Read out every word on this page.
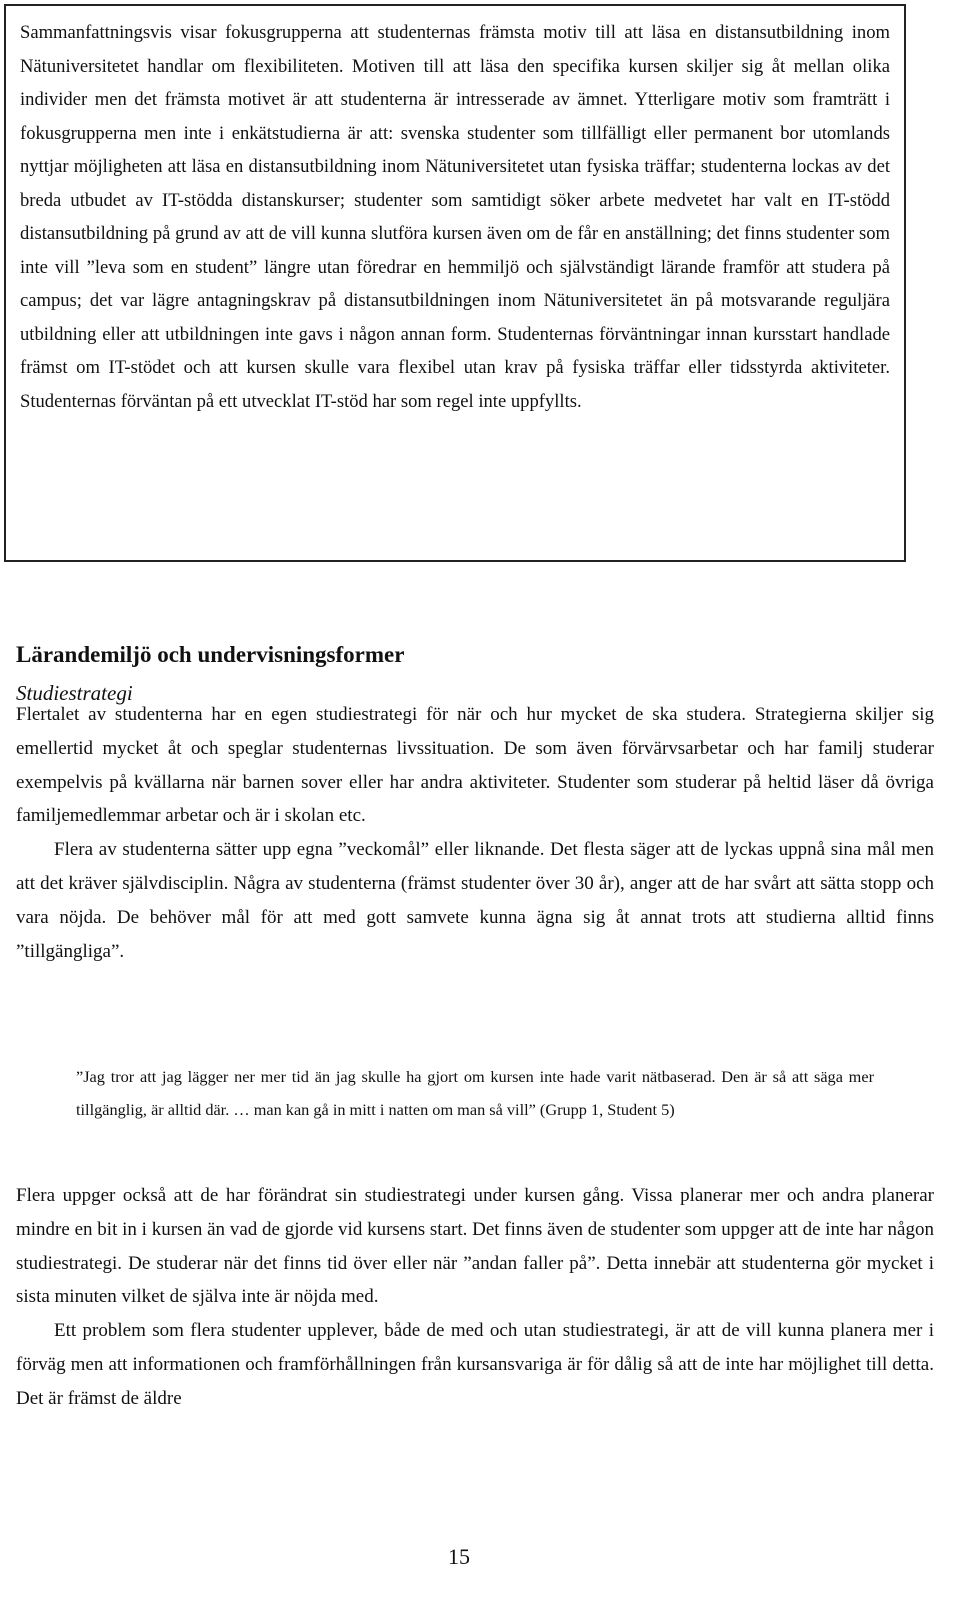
Sammanfattningsvis visar fokusgrupperna att studenternas främsta motiv till att läsa en distansutbildning inom Nätuniversitetet handlar om flexibiliteten. Motiven till att läsa den specifika kursen skiljer sig åt mellan olika individer men det främsta motivet är att studenterna är intresserade av ämnet. Ytterligare motiv som framträtt i fokusgrupperna men inte i enkätstudierna är att: svenska studenter som tillfälligt eller permanent bor utomlands nyttjar möjligheten att läsa en distansutbildning inom Nätuniversitetet utan fysiska träffar; studenterna lockas av det breda utbudet av IT-stödda distanskurser; studenter som samtidigt söker arbete medvetet har valt en IT-stödd distansutbildning på grund av att de vill kunna slutföra kursen även om de får en anställning; det finns studenter som inte vill ”leva som en student” längre utan föredrar en hemmiljö och självständigt lärande framför att studera på campus; det var lägre antagningskrav på distansutbildningen inom Nätuniversitetet än på motsvarande reguljära utbildning eller att utbildningen inte gavs i någon annan form. Studenternas förväntningar innan kursstart handlade främst om IT-stödet och att kursen skulle vara flexibel utan krav på fysiska träffar eller tidsstyrda aktiviteter. Studenternas förväntan på ett utvecklat IT-stöd har som regel inte uppfyllts.

Lärandemiljö och undervisningsformer
Studiestrategi

Flertalet av studenterna har en egen studiestrategi för när och hur mycket de ska studera. Strategierna skiljer sig emellertid mycket åt och speglar studenternas livssituation. De som även förvärvsarbetar och har familj studerar exempelvis på kvällarna när barnen sover eller har andra aktiviteter. Studenter som studerar på heltid läser då övriga familjemedlemmar arbetar och är i skolan etc.

Flera av studenterna sätter upp egna ”veckomål” eller liknande. Det flesta säger att de lyckas uppnå sina mål men att det kräver självdisciplin. Några av studenterna (främst studenter över 30 år), anger att de har svårt att sätta stopp och vara nöjda. De behöver mål för att med gott samvete kunna ägna sig åt annat trots att studierna alltid finns ”tillgängliga”.

”Jag tror att jag lägger ner mer tid än jag skulle ha gjort om kursen inte hade varit nätbaserad. Den är så att säga mer tillgänglig, är alltid där. … man kan gå in mitt i natten om man så vill” (Grupp 1, Student 5)

Flera uppger också att de har förändrat sin studiestrategi under kursen gång. Vissa planerar mer och andra planerar mindre en bit in i kursen än vad de gjorde vid kursens start. Det finns även de studenter som uppger att de inte har någon studiestrategi. De studerar när det finns tid över eller när ”andan faller på”. Detta innebär att studenterna gör mycket i sista minuten vilket de själva inte är nöjda med.

Ett problem som flera studenter upplever, både de med och utan studiestrategi, är att de vill kunna planera mer i förväg men att informationen och framförhållningen från kursansvariga är för dålig så att de inte har möjlighet till detta. Det är främst de äldre

15
